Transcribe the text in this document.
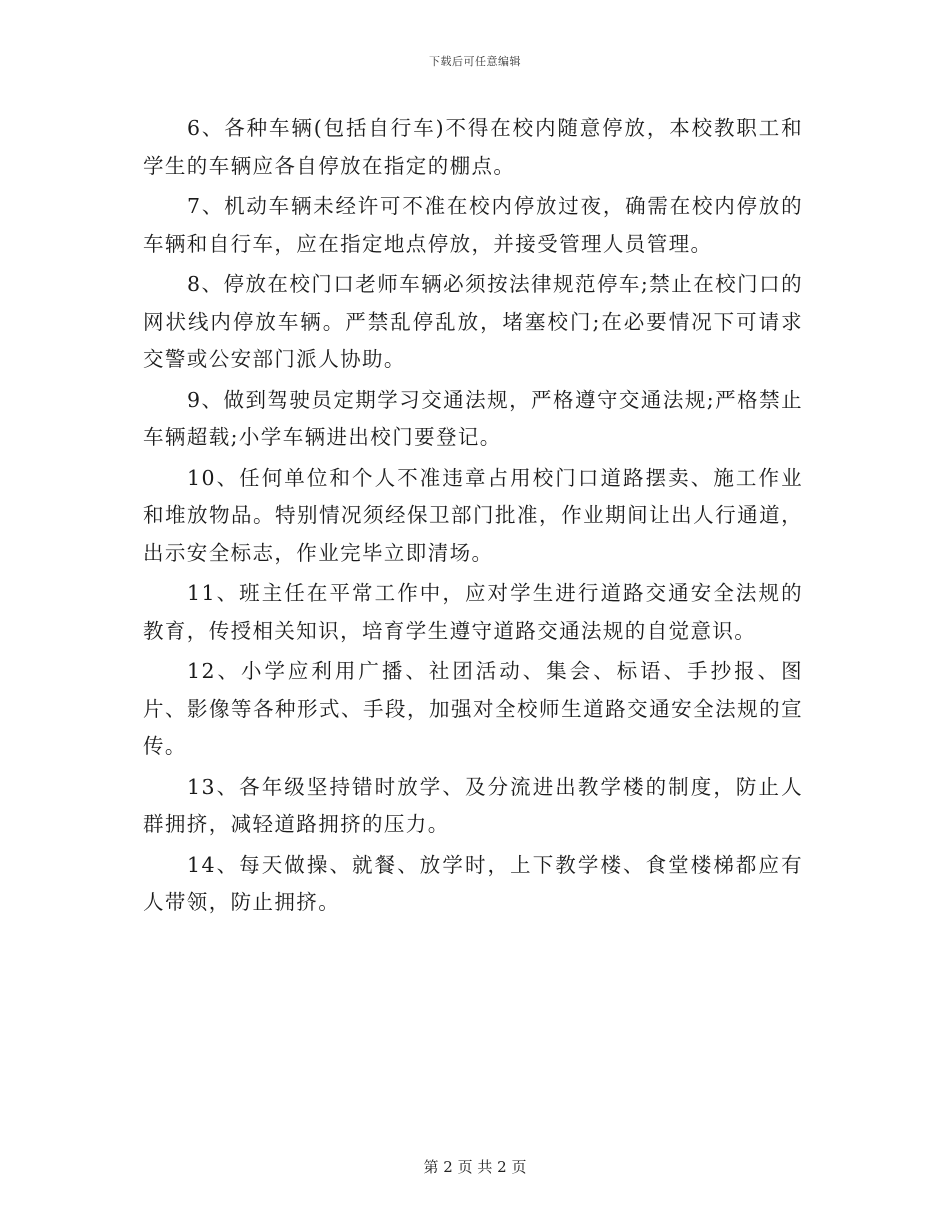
下载后可任意编辑

6、各种车辆(包括自行车)不得在校内随意停放，本校教职工和学生的车辆应各自停放在指定的棚点。

7、机动车辆未经许可不准在校内停放过夜，确需在校内停放的车辆和自行车，应在指定地点停放，并接受管理人员管理。

8、停放在校门口老师车辆必须按法律规范停车;禁止在校门口的网状线内停放车辆。严禁乱停乱放，堵塞校门;在必要情况下可请求交警或公安部门派人协助。

9、做到驾驶员定期学习交通法规，严格遵守交通法规;严格禁止车辆超载;小学车辆进出校门要登记。

10、任何单位和个人不准违章占用校门口道路摆卖、施工作业和堆放物品。特别情况须经保卫部门批准，作业期间让出人行通道，出示安全标志，作业完毕立即清场。

11、班主任在平常工作中，应对学生进行道路交通安全法规的教育，传授相关知识，培育学生遵守道路交通法规的自觉意识。

12、小学应利用广播、社团活动、集会、标语、手抄报、图片、影像等各种形式、手段，加强对全校师生道路交通安全法规的宣传。

13、各年级坚持错时放学、及分流进出教学楼的制度，防止人群拥挤，减轻道路拥挤的压力。

14、每天做操、就餐、放学时，上下教学楼、食堂楼梯都应有人带领，防止拥挤。

第 2 页 共 2 页
